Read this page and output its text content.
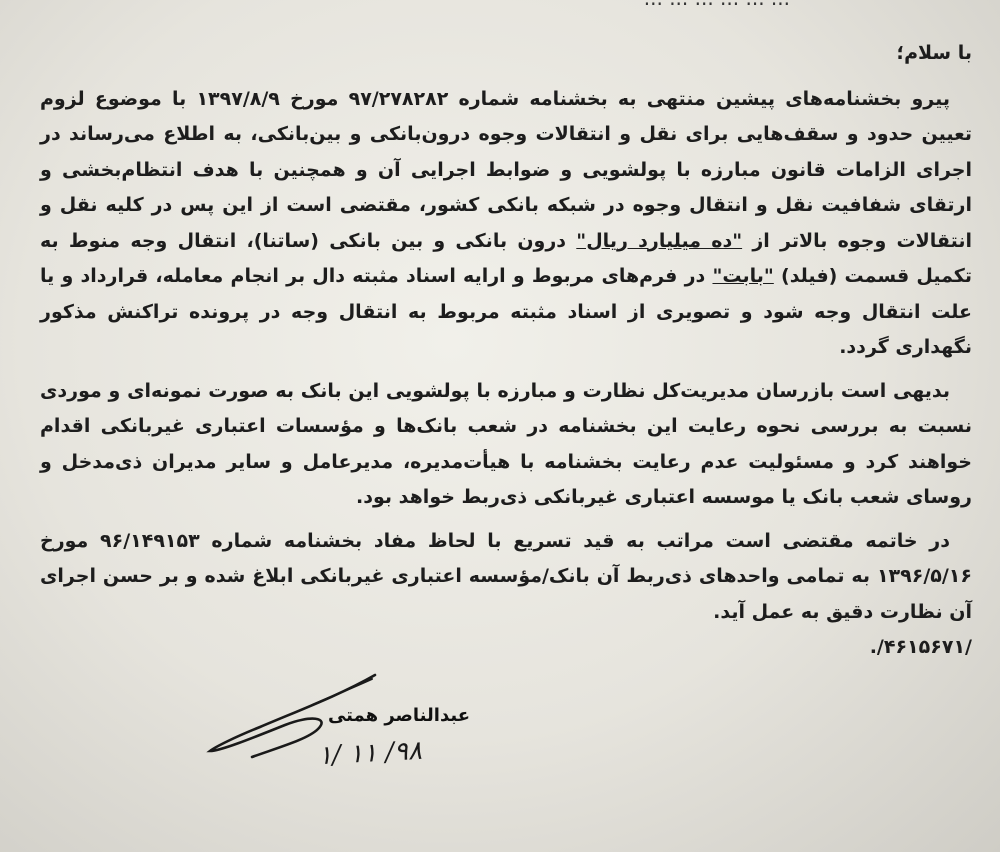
با سلام؛

پیرو بخشنامه‌های پیشین منتهی به بخشنامه شماره ۹۷/۲۷۸۲۸۲ مورخ ۱۳۹۷/۸/۹ با موضوع لزوم تعیین حدود و سقف‌هایی برای نقل و انتقالات وجوه درون‌بانکی و بین‌بانکی، به اطلاع می‌رساند در اجرای الزامات قانون مبارزه با پولشویی و ضوابط اجرایی آن و همچنین با هدف انتظام‌بخشی و ارتقای شفافیت نقل و انتقال وجوه در شبکه بانکی کشور، مقتضی است از این پس در کلیه نقل و انتقالات وجوه بالاتر از "ده میلیارد ریال" درون بانکی و بین بانکی (ساتنا)، انتقال وجه منوط به تکمیل قسمت (فیلد) "بابت" در فرم‌های مربوط و ارایه اسناد مثبته دال بر انجام معامله، قرارداد و یا علت انتقال وجه شود و تصویری از اسناد مثبته مربوط به انتقال وجه در پرونده تراکنش مذکور نگهداری گردد.

بدیهی است بازرسان مدیریت‌کل نظارت و مبارزه با پولشویی این بانک به صورت نمونه‌ای و موردی نسبت به بررسی نحوه رعایت این بخشنامه در شعب بانک‌ها و مؤسسات اعتباری غیربانکی اقدام خواهند کرد و مسئولیت عدم رعایت بخشنامه با هیأت‌مدیره، مدیرعامل و سایر مدیران ذی‌مدخل و روسای شعب بانک یا موسسه اعتباری غیربانکی ذی‌ربط خواهد بود.

در خاتمه مقتضی است مراتب به قید تسریع با لحاظ مفاد بخشنامه شماره ۹۶/۱۴۹۱۵۳ مورخ ۱۳۹۶/۵/۱۶ به تمامی واحدهای ذی‌ربط آن بانک/مؤسسه اعتباری غیربانکی ابلاغ شده و بر حسن اجرای آن نظارت دقیق به عمل آید.

/۴۶۱۵۶۷۱/.

عبدالناصر همتی
۹۸/ ۱۱ /۱
